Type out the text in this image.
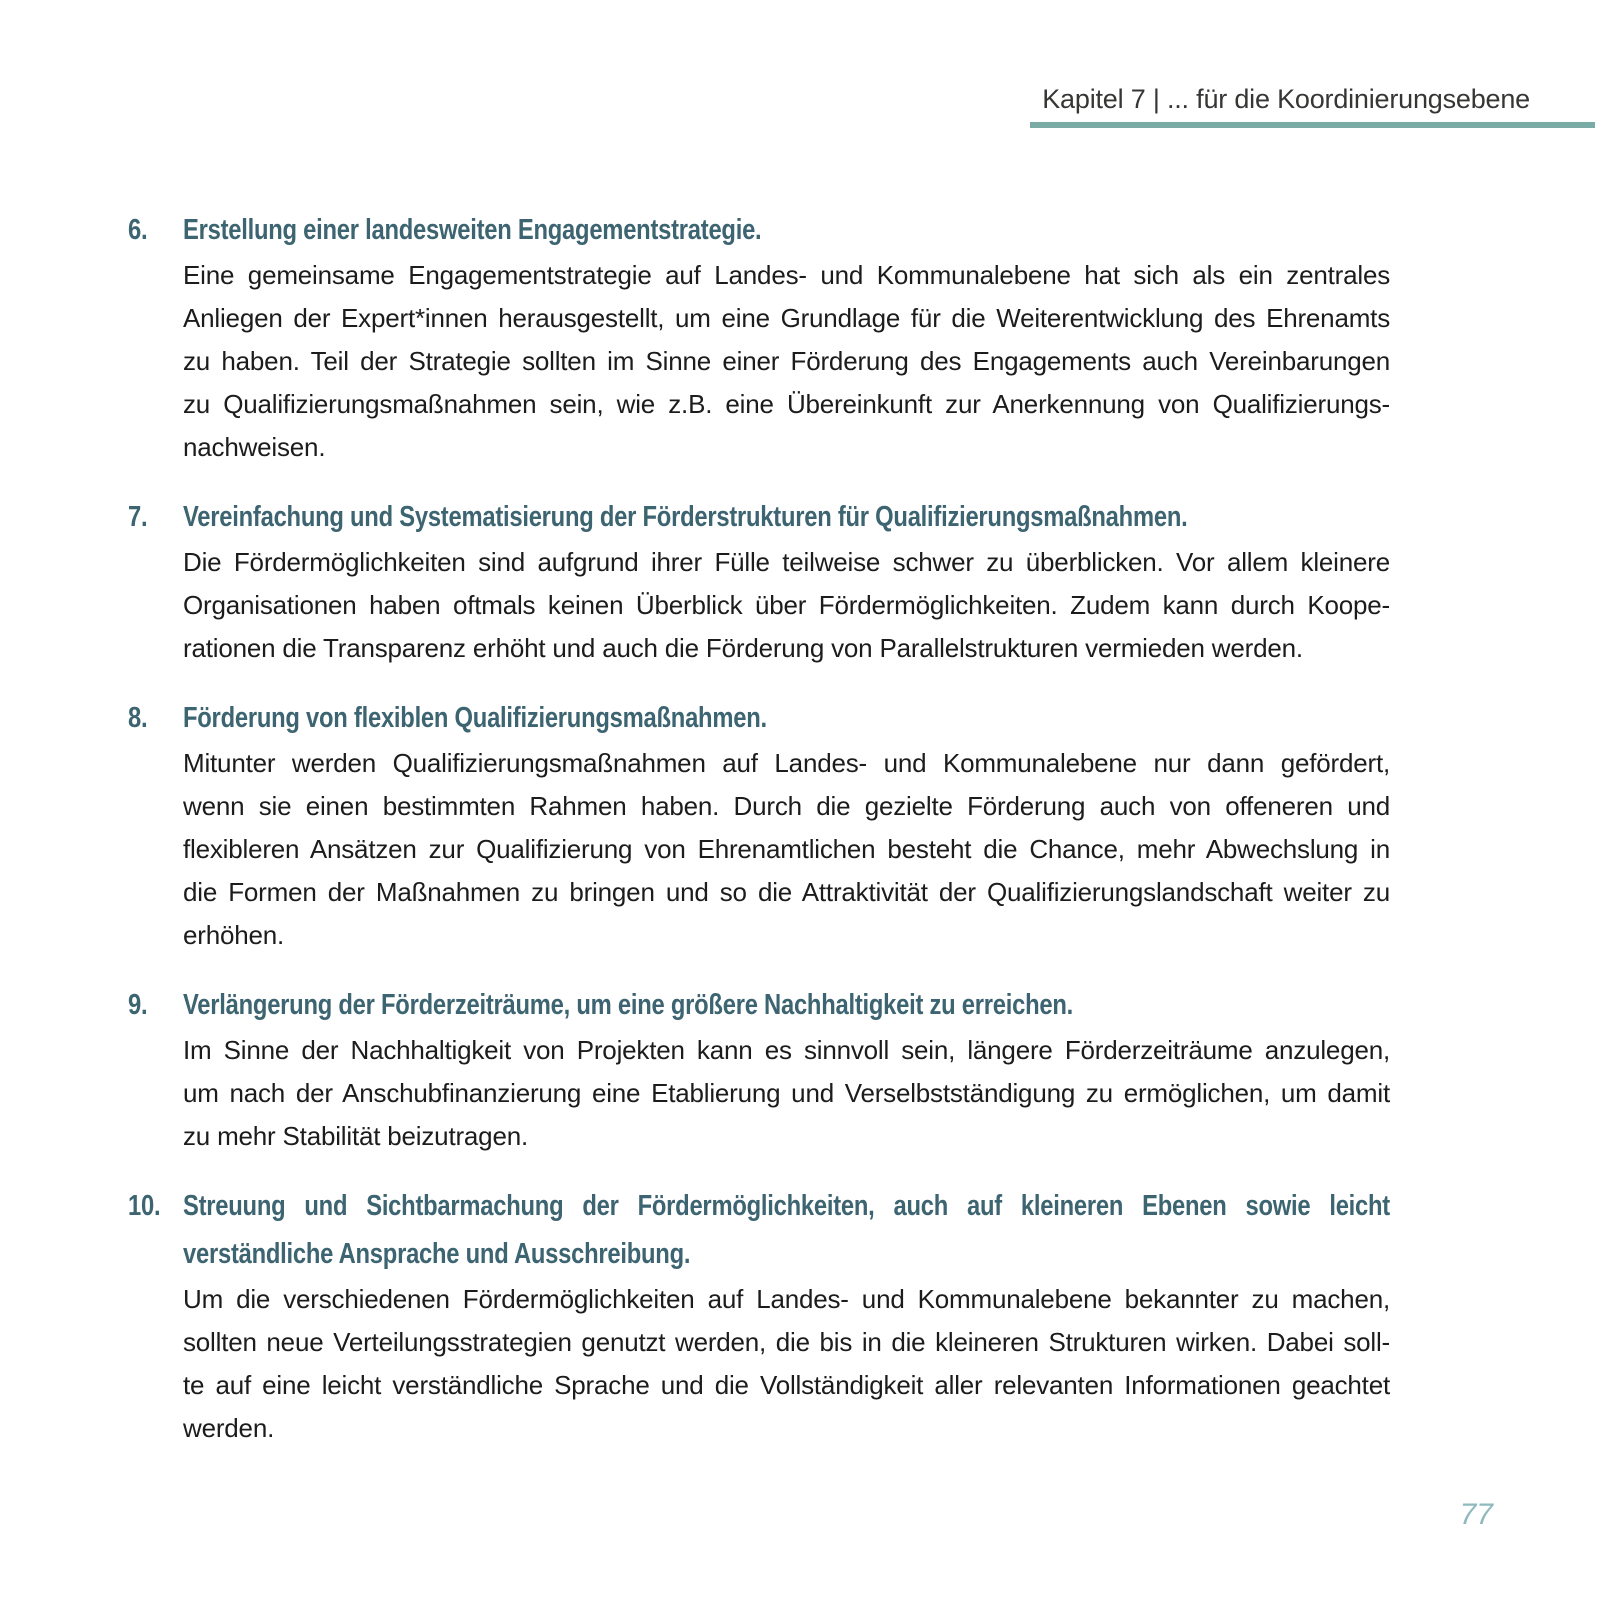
Kapitel 7 | ... für die Koordinierungsebene
6.	Erstellung einer landesweiten Engagementstrategie.
Eine gemeinsame Engagementstrategie auf Landes- und Kommunalebene hat sich als ein zentrales
Anliegen der Expert*innen herausgestellt, um eine Grundlage für die Weiterentwicklung des Ehrenamts
zu haben. Teil der Strategie sollten im Sinne einer Förderung des Engagements auch Vereinbarungen
zu Qualifizierungsmaßnahmen sein, wie z.B. eine Übereinkunft zur Anerkennung von Qualifizierungs-
nachweisen.
7.	Vereinfachung und Systematisierung der Förderstrukturen für Qualifizierungsmaßnahmen.
Die Fördermöglichkeiten sind aufgrund ihrer Fülle teilweise schwer zu überblicken. Vor allem kleinere
Organisationen haben oftmals keinen Überblick über Fördermöglichkeiten. Zudem kann durch Koope-
rationen die Transparenz erhöht und auch die Förderung von Parallelstrukturen vermieden werden.
8.	Förderung von flexiblen Qualifizierungsmaßnahmen.
Mitunter werden Qualifizierungsmaßnahmen auf Landes- und Kommunalebene nur dann gefördert,
wenn sie einen bestimmten Rahmen haben. Durch die gezielte Förderung auch von offeneren und
flexibleren Ansätzen zur Qualifizierung von Ehrenamtlichen besteht die Chance, mehr Abwechslung in
die Formen der Maßnahmen zu bringen und so die Attraktivität der Qualifizierungslandschaft weiter zu
erhöhen.
9.	Verlängerung der Förderzeiträume, um eine größere Nachhaltigkeit zu erreichen.
Im Sinne der Nachhaltigkeit von Projekten kann es sinnvoll sein, längere Förderzeiträume anzulegen,
um nach der Anschubfinanzierung eine Etablierung und Verselbstständigung zu ermöglichen, um damit
zu mehr Stabilität beizutragen.
10. Streuung und Sichtbarmachung der Fördermöglichkeiten, auch auf kleineren Ebenen sowie leicht
verständliche Ansprache und Ausschreibung.
Um die verschiedenen Fördermöglichkeiten auf Landes- und Kommunalebene bekannter zu machen,
sollten neue Verteilungsstrategien genutzt werden, die bis in die kleineren Strukturen wirken. Dabei soll-
te auf eine leicht verständliche Sprache und die Vollständigkeit aller relevanten Informationen geachtet
werden.
77
